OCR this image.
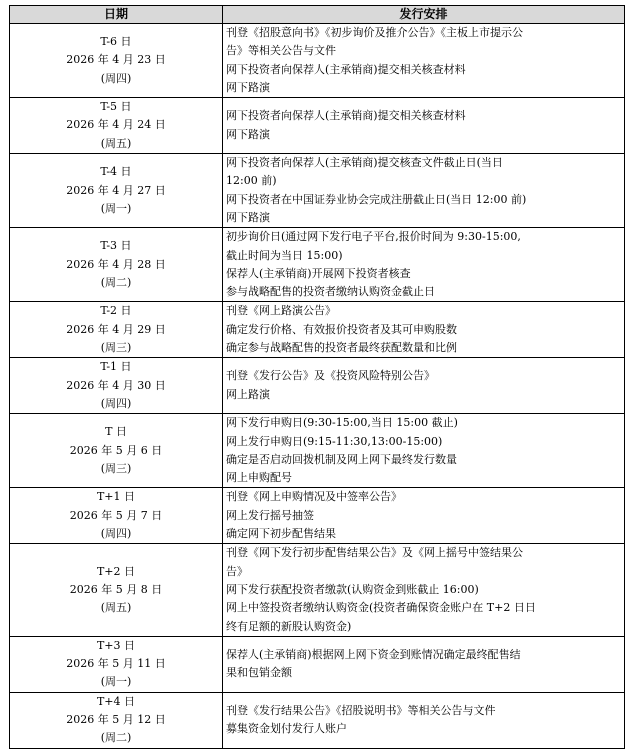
日期	发行安排

T-6 日
2026 年 4 月 23 日
(周四)	刊登《招股意向书》《初步询价及推介公告》《主板上市提示公
告》等相关公告与文件
网下投资者向保荐人(主承销商)提交相关核查材料
网下路演

T-5 日
2026 年 4 月 24 日
(周五)	网下投资者向保荐人(主承销商)提交相关核查材料
网下路演

T-4 日
2026 年 4 月 27 日
(周一)	网下投资者向保荐人(主承销商)提交核查文件截止日(当日
12:00 前)
网下投资者在中国证券业协会完成注册截止日(当日 12:00 前)
网下路演

T-3 日
2026 年 4 月 28 日
(周二)	初步询价日(通过网下发行电子平台,报价时间为 9:30-15:00,
截止时间为当日 15:00)
保荐人(主承销商)开展网下投资者核查
参与战略配售的投资者缴纳认购资金截止日

T-2 日
2026 年 4 月 29 日
(周三)	刊登《网上路演公告》
确定发行价格、有效报价投资者及其可申购股数
确定参与战略配售的投资者最终获配数量和比例

T-1 日
2026 年 4 月 30 日
(周四)	刊登《发行公告》及《投资风险特别公告》
网上路演

T 日
2026 年 5 月 6 日
(周三)	网下发行申购日(9:30-15:00,当日 15:00 截止)
网上发行申购日(9:15-11:30,13:00-15:00)
确定是否启动回拨机制及网上网下最终发行数量
网上申购配号

T+1 日
2026 年 5 月 7 日
(周四)	刊登《网上申购情况及中签率公告》
网上发行摇号抽签
确定网下初步配售结果

T+2 日
2026 年 5 月 8 日
(周五)	刊登《网下发行初步配售结果公告》及《网上摇号中签结果公
告》
网下发行获配投资者缴款(认购资金到账截止 16:00)
网上中签投资者缴纳认购资金(投资者确保资金账户在 T+2 日日
终有足额的新股认购资金)

T+3 日
2026 年 5 月 11 日
(周一)	保荐人(主承销商)根据网上网下资金到账情况确定最终配售结
果和包销金额

T+4 日
2026 年 5 月 12 日
(周二)	刊登《发行结果公告》《招股说明书》等相关公告与文件
募集资金划付发行人账户
